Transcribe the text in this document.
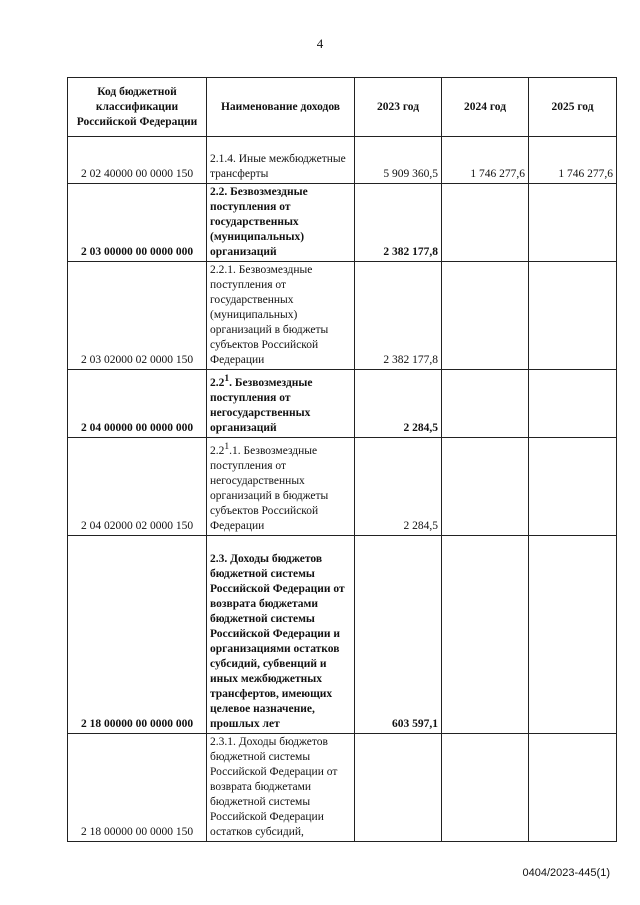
4
Код бюджетной классификации Российской Федерации	Наименование доходов	2023 год	2024 год	2025 год
2 02 40000 00 0000 150	2.1.4. Иные межбюджетные трансферты	5 909 360,5	1 746 277,6	1 746 277,6
2 03 00000 00 0000 000	2.2. Безвозмездные поступления от государственных (муниципальных) организаций	2 382 177,8		
2 03 02000 02 0000 150	2.2.1. Безвозмездные поступления от государственных (муниципальных) организаций в бюджеты субъектов Российской Федерации	2 382 177,8		
2 04 00000 00 0000 000	$2.2^1$. Безвозмездные поступления от негосударственных организаций	2 284,5		
2 04 02000 02 0000 150	$2.2^1.1$. Безвозмездные поступления от негосударственных организаций в бюджеты субъектов Российской Федерации	2 284,5		
2 18 00000 00 0000 000	2.3. Доходы бюджетов бюджетной системы Российской Федерации от возврата бюджетами бюджетной системы Российской Федерации и организациями остатков субсидий, субвенций и иных межбюджетных трансфертов, имеющих целевое назначение, прошлых лет	603 597,1		
2 18 00000 00 0000 150	2.3.1. Доходы бюджетов бюджетной системы Российской Федерации от возврата бюджетами бюджетной системы Российской Федерации остатков субсидий,			
0404/2023-445(1)
